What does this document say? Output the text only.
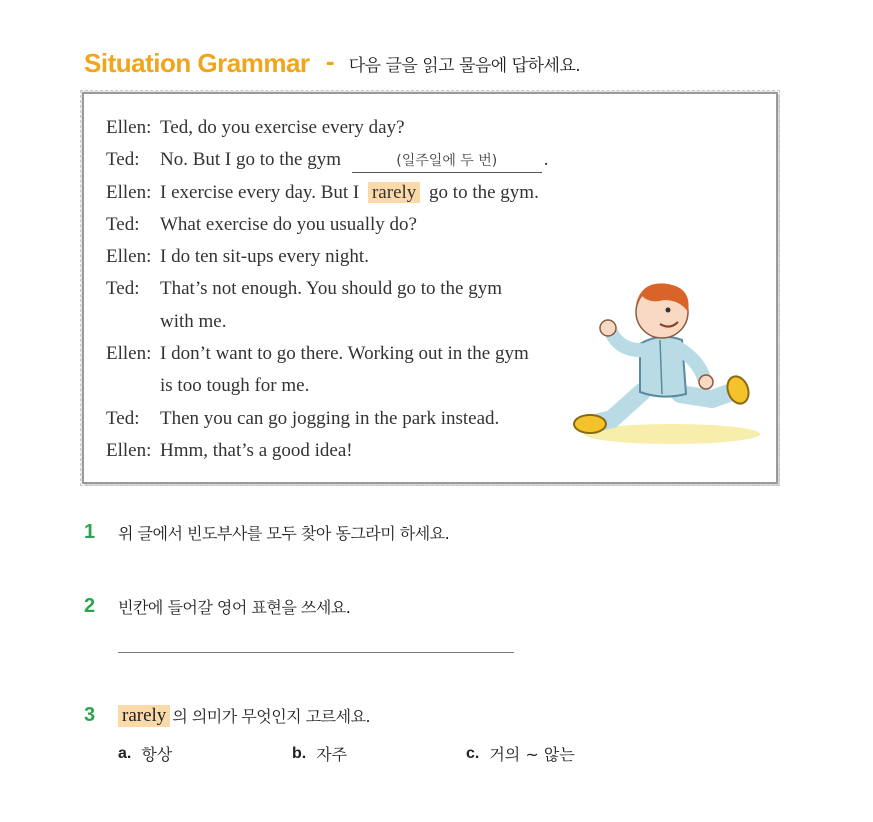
Situation Grammar - 다음 글을 읽고 물음에 답하세요.
Ellen: Ted, do you exercise every day?
Ted:	No. But I go to the gym	(일주일에 두 번) .
Ellen: I exercise every day. But I rarely go to the gym.
Ted:	What exercise do you usually do?
Ellen: I do ten sit-ups every night.
Ted:	That’s not enough. You should go to the gym
with me.
Ellen: I don’t want to go there. Working out in the gym
is too tough for me.
Ted:	Then you can go jogging in the park instead.
Ellen: Hmm, that’s a good idea!
1	위 글에서 빈도부사를 모두 찾아 동그라미 하세요.
2	빈칸에 들어갈 영어 표현을 쓰세요.
3	rarely 의 의미가 무엇인지 고르세요.
a. 항상	b. 자주	c. 거의 ~ 않는
